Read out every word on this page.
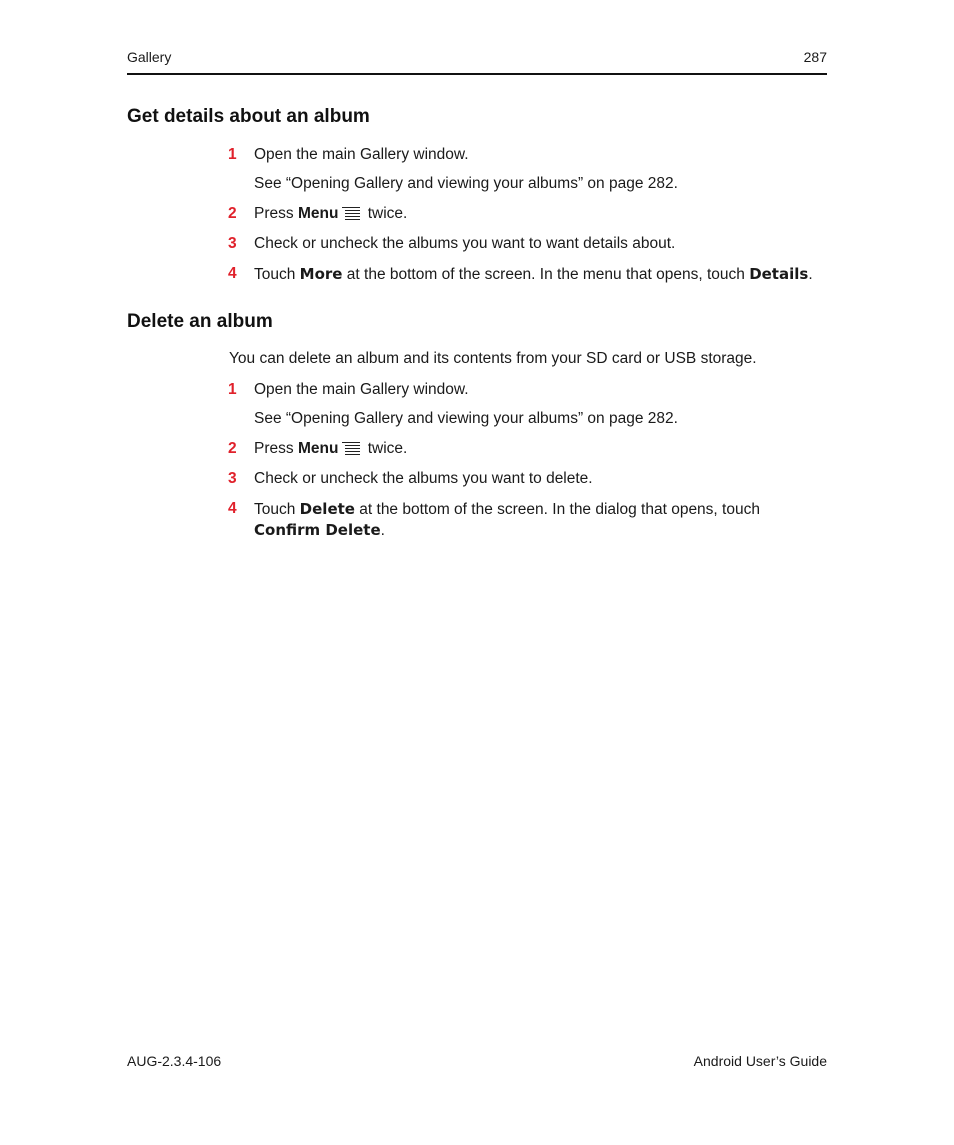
Gallery	287
Get details about an album
1	Open the main Gallery window.
See “Opening Gallery and viewing your albums” on page 282.
2	Press Menu
twice.
3	Check or uncheck the albums you want to want details about.
4	Touch More at the bottom of the screen. In the menu that opens, touch Details.
Delete an album
You can delete an album and its contents from your SD card or USB storage.
1	Open the main Gallery window.
See “Opening Gallery and viewing your albums” on page 282.
2	Press Menu
twice.
3	Check or uncheck the albums you want to delete.
4	Touch Delete at the bottom of the screen. In the dialog that opens, touch Confirm Delete.
AUG-2.3.4-106	Android User’s Guide
